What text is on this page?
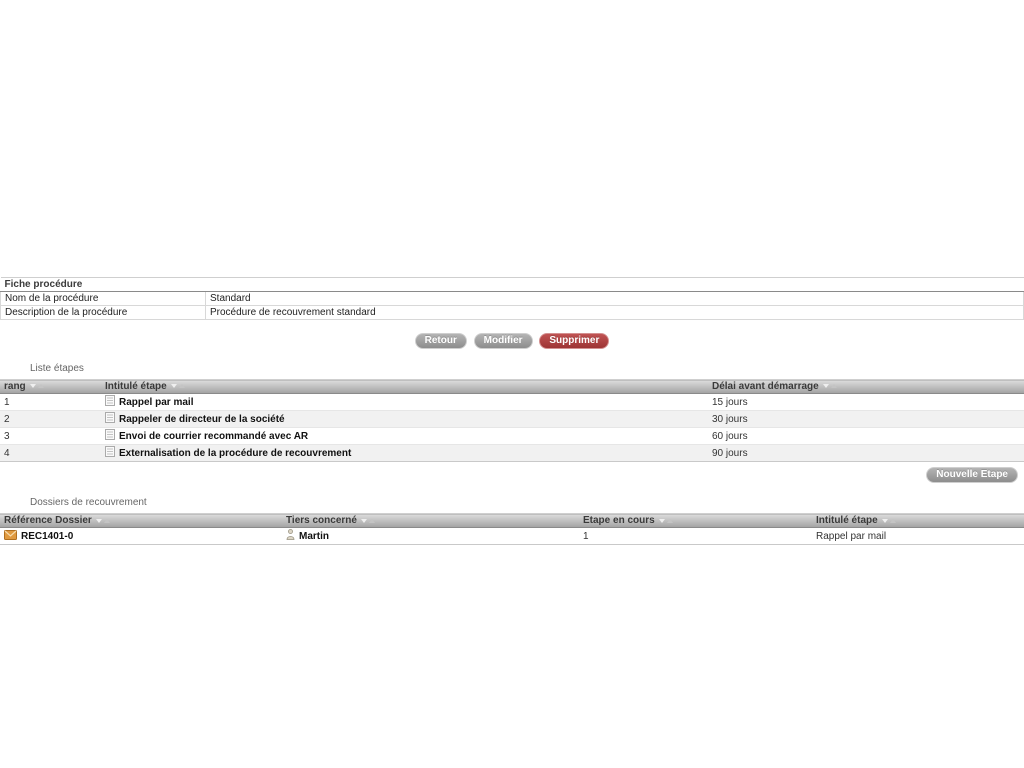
Fiche procédure	
Nom de la procédure	Standard
Description de la procédure	Procédure de recouvrement standard
Retour	Modifier	Supprimer
Liste étapes
rang	Intitulé étape	Délai avant démarrage
1	Rappel par mail	15 jours
2	Rappeler de directeur de la société	30 jours
3	Envoi de courrier recommandé avec AR	60 jours
4	Externalisation de la procédure de recouvrement	90 jours
Nouvelle Etape
Dossiers de recouvrement
Référence Dossier	Tiers concerné	Etape en cours	Intitulé étape
REC1401-0	Martin	1	Rappel par mail
